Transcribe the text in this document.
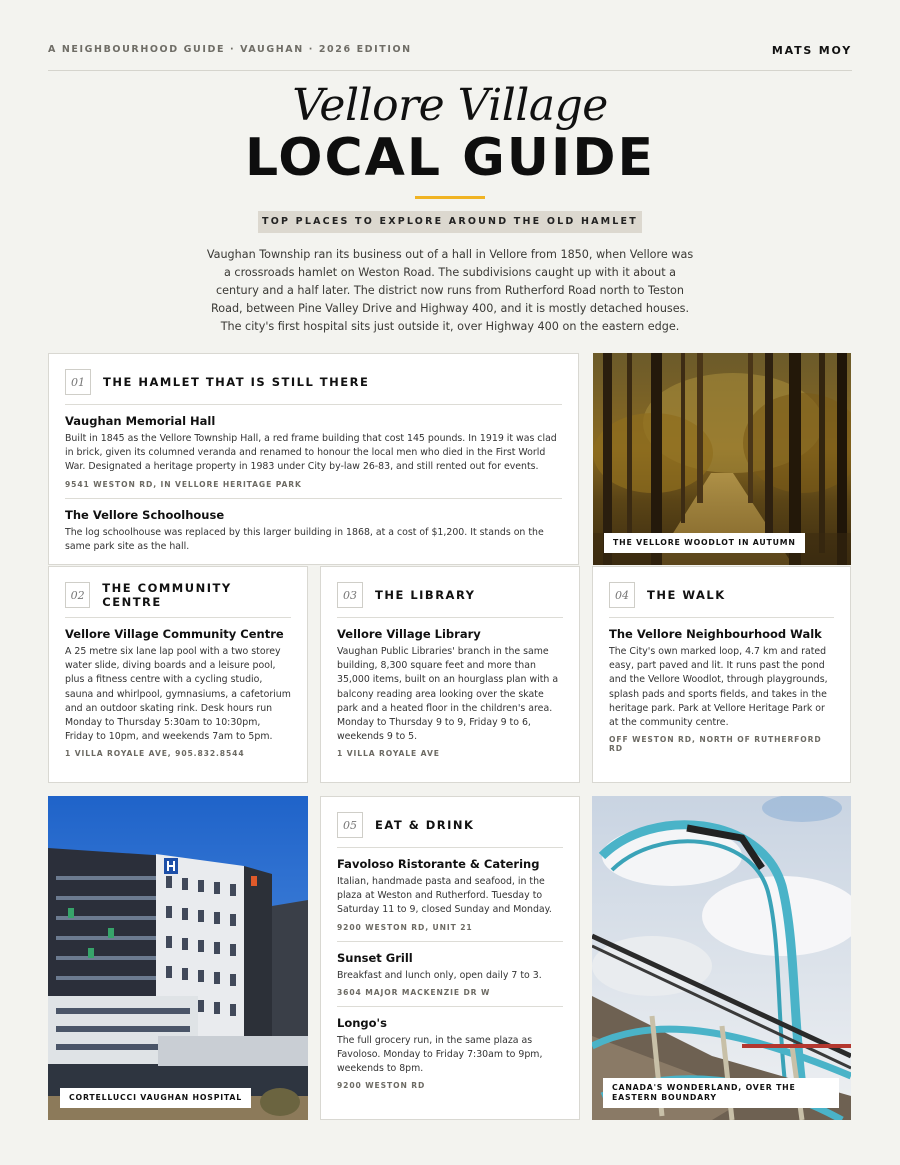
A NEIGHBOURHOOD GUIDE · VAUGHAN · 2026 EDITION	MATS MOY
Vellore Village
LOCAL GUIDE
TOP PLACES TO EXPLORE AROUND THE OLD HAMLET
Vaughan Township ran its business out of a hall in Vellore from 1850, when Vellore was a crossroads hamlet on Weston Road. The subdivisions caught up with it about a century and a half later. The district now runs from Rutherford Road north to Teston Road, between Pine Valley Drive and Highway 400, and it is mostly detached houses. The city's first hospital sits just outside it, over Highway 400 on the eastern edge.
01	THE HAMLET THAT IS STILL THERE
Vaughan Memorial Hall
Built in 1845 as the Vellore Township Hall, a red frame building that cost 145 pounds. In 1919 it was clad in brick, given its columned veranda and renamed to honour the local men who died in the First World War. Designated a heritage property in 1983 under City by-law 26-83, and still rented out for events.
9541 WESTON RD, IN VELLORE HERITAGE PARK
The Vellore Schoolhouse
The log schoolhouse was replaced by this larger building in 1868, at a cost of $1,200. It stands on the same park site as the hall.	THE VELLORE WOODLOT IN AUTUMN
02	THE COMMUNITY CENTRE
Vellore Village Community Centre
A 25 metre six lane lap pool with a two storey water slide, diving boards and a leisure pool, plus a fitness centre with a cycling studio, sauna and whirlpool, gymnasiums, a cafetorium and an outdoor skating rink. Desk hours run Monday to Thursday 5:30am to 10:30pm, Friday to 10pm, and weekends 7am to 5pm.
1 VILLA ROYALE AVE, 905.832.8544
03	THE LIBRARY
Vellore Village Library
Vaughan Public Libraries' branch in the same building, 8,300 square feet and more than 35,000 items, built on an hourglass plan with a balcony reading area looking over the skate park and a heated floor in the children's area. Monday to Thursday 9 to 9, Friday 9 to 6, weekends 9 to 5.
1 VILLA ROYALE AVE
04	THE WALK
The Vellore Neighbourhood Walk
The City's own marked loop, 4.7 km and rated easy, part paved and lit. It runs past the pond and the Vellore Woodlot, through playgrounds, splash pads and sports fields, and takes in the heritage park. Park at Vellore Heritage Park or at the community centre.
OFF WESTON RD, NORTH OF RUTHERFORD RD
CORTELLUCCI VAUGHAN HOSPITAL
05	EAT & DRINK
Favoloso Ristorante & Catering
Italian, handmade pasta and seafood, in the plaza at Weston and Rutherford. Tuesday to Saturday 11 to 9, closed Sunday and Monday.
9200 WESTON RD, UNIT 21
Sunset Grill
Breakfast and lunch only, open daily 7 to 3.
3604 MAJOR MACKENZIE DR W
Longo's
The full grocery run, in the same plaza as Favoloso. Monday to Friday 7:30am to 9pm, weekends to 8pm.
9200 WESTON RD	CANADA'S WONDERLAND, OVER THE EASTERN BOUNDARY
